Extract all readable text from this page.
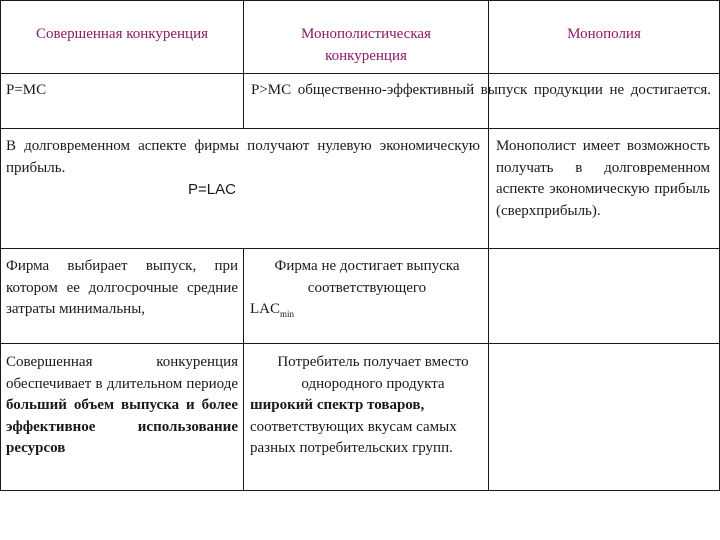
Совершенная конкуренция	Монополистическая конкуренция
Монополия
Р=МС	Р>МС общественно-эффективный выпуск продукции не достигается.
В долговременном аспекте фирмы получают нулевую экономическую прибыль.
Р=LAC
Монополист имеет возможность получать в долговременном аспекте экономическую прибыль (сверхприбыль).
Фирма выбирает выпуск, при котором ее долгосрочные средние затраты минимальны,
Фирма не достигает выпуска соответствующего
$LAC_{min}$
Совершенная конкуренция обеспечивает в длительном периоде больший объем выпуска и более эффективное использование ресурсов
Потребитель получает вместо однородного продукта
широкий спектр товаров, соответствующих вкусам самых разных потребительских групп.
